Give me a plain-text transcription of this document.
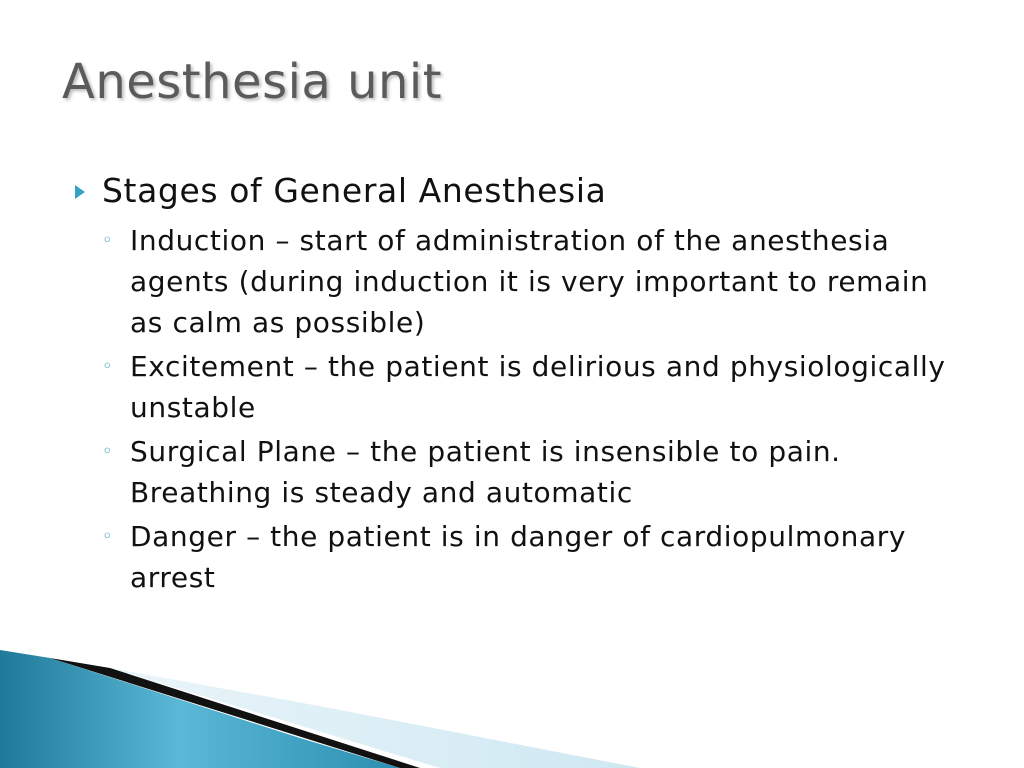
Anesthesia unit
Stages of General Anesthesia
◦ Induction – start of administration of the anesthesia agents (during induction it is very important to remain as calm as possible)
◦ Excitement – the patient is delirious and physiologically unstable
◦ Surgical Plane – the patient is insensible to pain. Breathing is steady and automatic
◦ Danger – the patient is in danger of cardiopulmonary arrest
